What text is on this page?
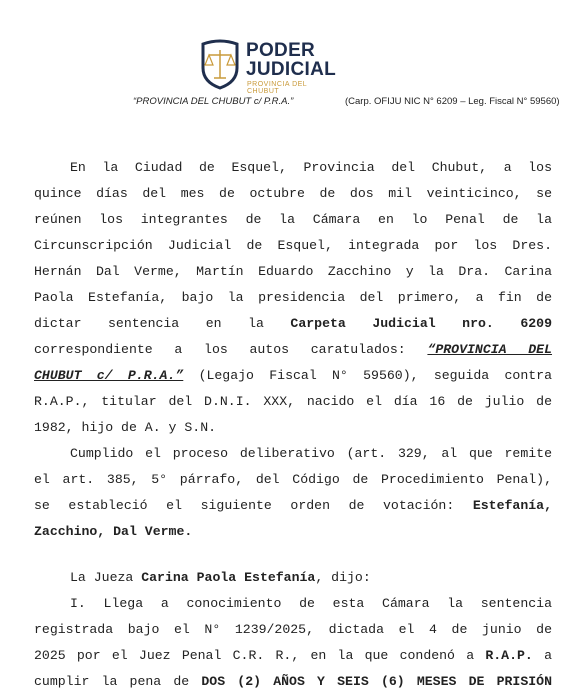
PODER
JUDICIAL
PROVINCIA DEL CHUBUT
“PROVINCIA DEL CHUBUT c/ P.R.A.”	(Carp. OFIJU NIC N° 6209 – Leg. Fiscal N° 59560)
En la Ciudad de Esquel, Provincia del Chubut, a los
quince días del mes de octubre de dos mil veinticinco, se
reúnen los integrantes de la Cámara en lo Penal de la
Circunscripción Judicial de Esquel, integrada por los Dres.
Hernán Dal Verme, Martín Eduardo Zacchino y la Dra. Carina
Paola Estefanía, bajo la presidencia del primero, a fin de
dictar sentencia en la Carpeta Judicial nro. 6209
correspondiente a los autos caratulados: “PROVINCIA DEL
CHUBUT c/ P.R.A.” (Legajo Fiscal N° 59560), seguida contra
R.A.P., titular del D.N.I. XXX, nacido el día 16 de julio de
1982, hijo de A. y S.N.
Cumplido el proceso deliberativo (art. 329, al que remite
el art. 385, 5° párrafo, del Código de Procedimiento Penal),
se estableció el siguiente orden de votación: Estefanía,
Zacchino, Dal Verme.
La Jueza Carina Paola Estefanía, dijo:
I. Llega a conocimiento de esta Cámara la sentencia
registrada bajo el N° 1239/2025, dictada el 4 de junio de
2025 por el Juez Penal C.R. R., en la que condenó a R.A.P. a
cumplir la pena de DOS (2) AÑOS Y SEIS (6) MESES DE PRISIÓN
